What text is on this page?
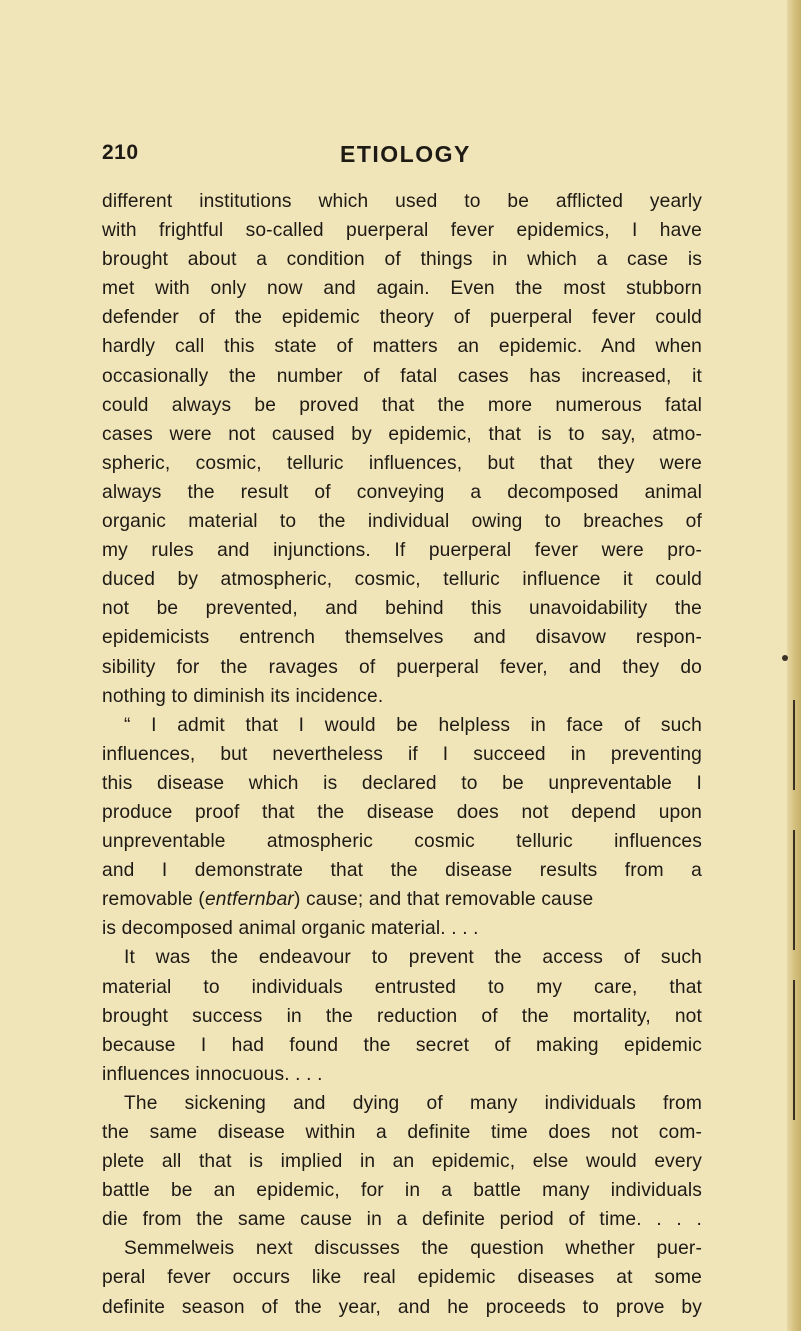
210	ETIOLOGY
different institutions which used to be afflicted yearly
with frightful so-called puerperal fever epidemics, I have
brought about a condition of things in which a case is
met with only now and again. Even the most stubborn
defender of the epidemic theory of puerperal fever could
hardly call this state of matters an epidemic. And when
occasionally the number of fatal cases has increased, it
could always be proved that the more numerous fatal
cases were not caused by epidemic, that is to say, atmo-
spheric, cosmic, telluric influences, but that they were
always the result of conveying a decomposed animal
organic material to the individual owing to breaches of
my rules and injunctions. If puerperal fever were pro-
duced by atmospheric, cosmic, telluric influence it could
not be prevented, and behind this unavoidability the
epidemicists entrench themselves and disavow respon-
sibility for the ravages of puerperal fever, and they do
nothing to diminish its incidence.
“ I admit that I would be helpless in face of such
influences, but nevertheless if I succeed in preventing
this disease which is declared to be unpreventable I
produce proof that the disease does not depend upon
unpreventable atmospheric cosmic telluric influences
and I demonstrate that the disease results from a
removable (entfernbar) cause; and that removable cause
is decomposed animal organic material. . . .
It was the endeavour to prevent the access of such
material to individuals entrusted to my care, that
brought success in the reduction of the mortality, not
because I had found the secret of making epidemic
influences innocuous. . . .
The sickening and dying of many individuals from
the same disease within a definite time does not com-
plete all that is implied in an epidemic, else would every
battle be an epidemic, for in a battle many individuals
die from the same cause in a definite period of time. . . .
Semmelweis next discusses the question whether puer-
peral fever occurs like real epidemic diseases at some
definite season of the year, and he proceeds to prove by
